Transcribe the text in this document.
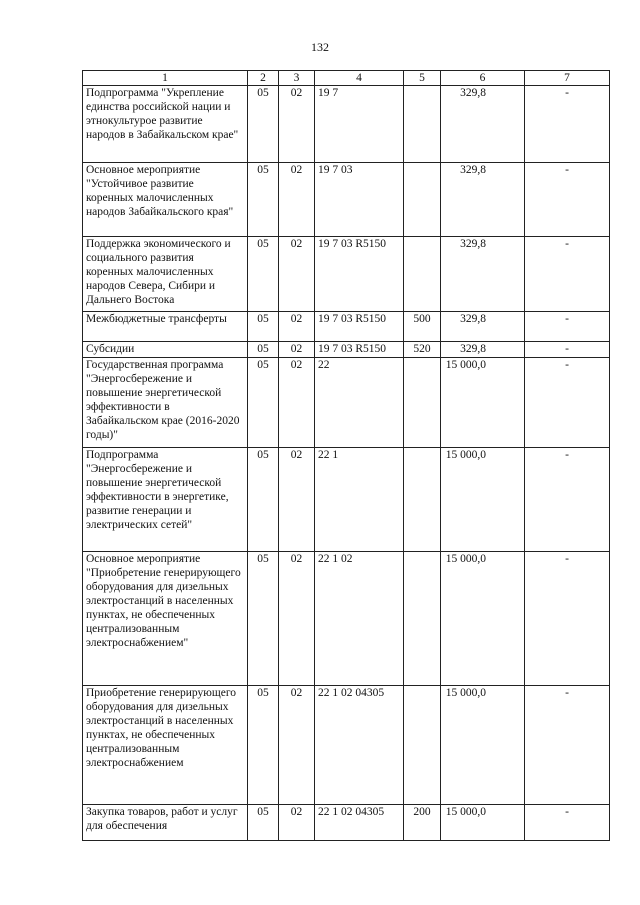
132
1	2	3	4	5	6	7
Подпрограмма "Укрепление единства российской нации и этнокультурое развитие народов в Забайкальском крае"	05	02	19 7		329,8	-
Основное мероприятие "Устойчивое развитие коренных малочисленных народов Забайкальского края"	05	02	19 7 03		329,8	-
Поддержка экономического и социального развития коренных малочисленных народов Севера, Сибири и Дальнего Востока	05	02	19 7 03 R5150		329,8	-
Межбюджетные трансферты	05	02	19 7 03 R5150	500	329,8	-
Субсидии	05	02	19 7 03 R5150	520	329,8	-
Государственная программа "Энергосбережение и повышение энергетической эффективности в Забайкальском крае (2016-2020 годы)"	05	02	22		15 000,0	-
Подпрограмма "Энергосбережение и повышение энергетической эффективности в энергетике, развитие генерации и электрических сетей"	05	02	22 1		15 000,0	-
Основное мероприятие "Приобретение генерирующего оборудования для дизельных электростанций в населенных пунктах, не обеспеченных централизованным электроснабжением"	05	02	22 1 02		15 000,0	-
Приобретение генерирующего оборудования для дизельных электростанций в населенных пунктах, не обеспеченных централизованным электроснабжением	05	02	22 1 02 04305		15 000,0	-
Закупка товаров, работ и услуг для обеспечения	05	02	22 1 02 04305	200	15 000,0	-
